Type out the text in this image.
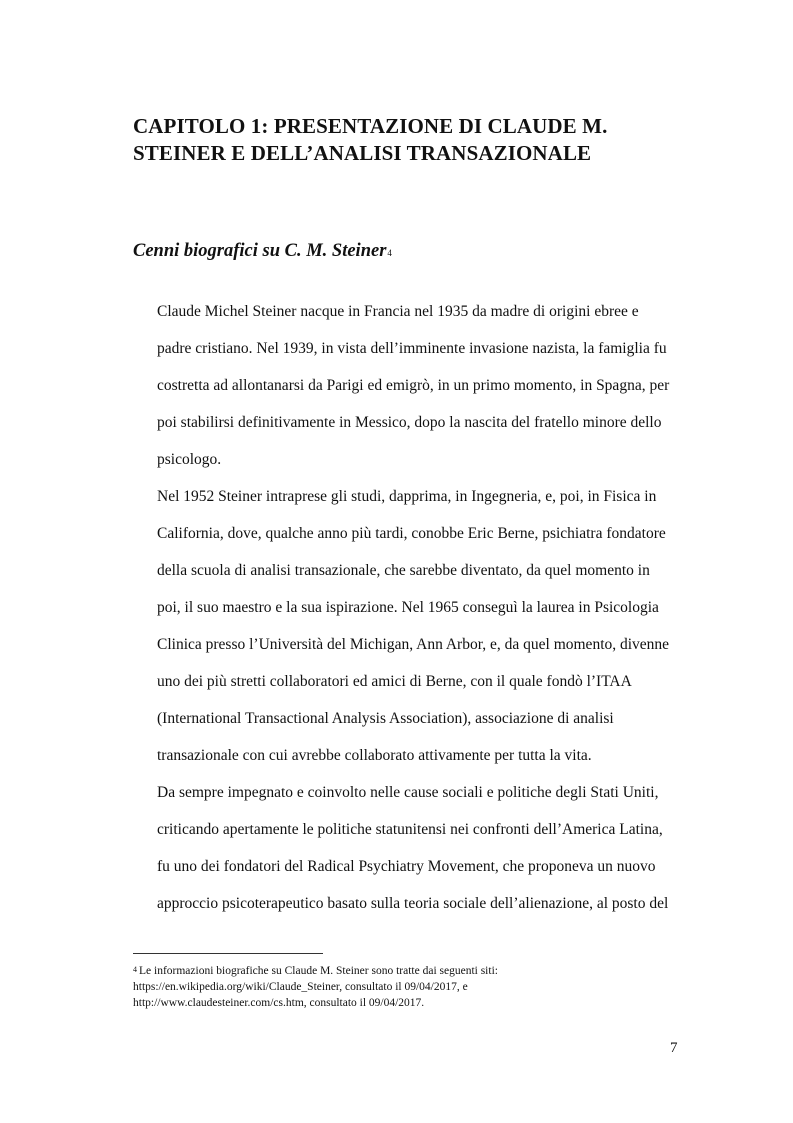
CAPITOLO 1: PRESENTAZIONE DI CLAUDE M. STEINER E DELL’ANALISI TRANSAZIONALE
Cenni biografici su C. M. Steiner$^4$
Claude Michel Steiner nacque in Francia nel 1935 da madre di origini ebree e
padre cristiano. Nel 1939, in vista dell’imminente invasione nazista, la famiglia fu
costretta ad allontanarsi da Parigi ed emigrò, in un primo momento, in Spagna, per
poi stabilirsi definitivamente in Messico, dopo la nascita del fratello minore dello
psicologo.
Nel 1952 Steiner intraprese gli studi, dapprima, in Ingegneria, e, poi, in Fisica in
California, dove, qualche anno più tardi, conobbe Eric Berne, psichiatra fondatore
della scuola di analisi transazionale, che sarebbe diventato, da quel momento in
poi, il suo maestro e la sua ispirazione. Nel 1965 conseguì la laurea in Psicologia
Clinica presso l’Università del Michigan, Ann Arbor, e, da quel momento, divenne
uno dei più stretti collaboratori ed amici di Berne, con il quale fondò l’ITAA
(International Transactional Analysis Association), associazione di analisi
transazionale con cui avrebbe collaborato attivamente per tutta la vita.
Da sempre impegnato e coinvolto nelle cause sociali e politiche degli Stati Uniti,
criticando apertamente le politiche statunitensi nei confronti dell’America Latina,
fu uno dei fondatori del Radical Psychiatry Movement, che proponeva un nuovo
approccio psicoterapeutico basato sulla teoria sociale dell’alienazione, al posto del
$^4$ Le informazioni biografiche su Claude M. Steiner sono tratte dai seguenti siti:
https://en.wikipedia.org/wiki/Claude_Steiner, consultato il 09/04/2017, e
http://www.claudesteiner.com/cs.htm, consultato il 09/04/2017.
7
